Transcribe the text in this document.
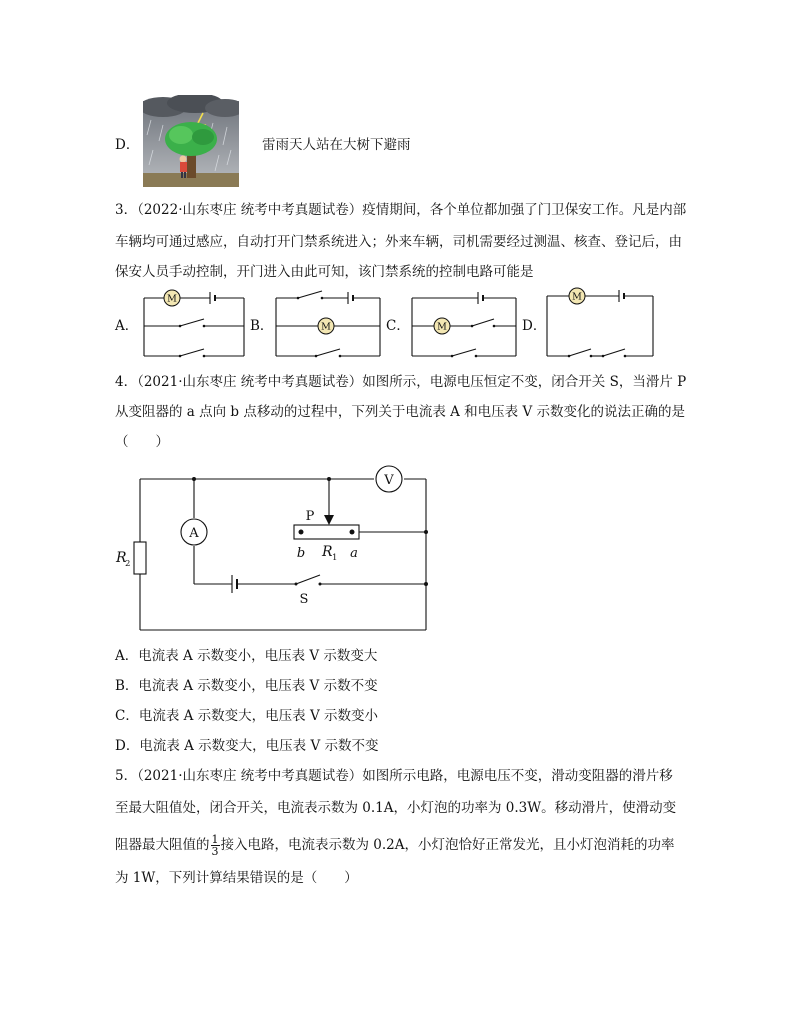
D．	雷雨天人站在大树下避雨
3．（2022·山东枣庄 统考中考真题试卷）疫情期间，各个单位都加强了门卫保安工作。凡是内部
车辆均可通过感应，自动打开门禁系统进入；外来车辆，司机需要经过测温、核查、登记后，由
保安人员手动控制，开门进入由此可知，该门禁系统的控制电路可能是
A．
M
B．	M	C．	M	D．
M
4．（2021·山东枣庄 统考中考真题试卷）如图所示，电源电压恒定不变，闭合开关 S，当滑片 P
从变阻器的 a 点向 b 点移动的过程中，下列关于电流表 A 和电压表 V 示数变化的说法正确的是
（　　）
A
V
P
b	a
R 1
R
2
S
A．电流表 A 示数变小，电压表 V 示数变大
B．电流表 A 示数变小，电压表 V 示数不变
C．电流表 A 示数变大，电压表 V 示数变小
D．电流表 A 示数变大，电压表 V 示数不变
5．（2021·山东枣庄 统考中考真题试卷）如图所示电路，电源电压不变，滑动变阻器的滑片移
至最大阻值处，闭合开关，电流表示数为 0.1A，小灯泡的功率为 0.3W。移动滑片，使滑动变
阻器最大阻值的 $\frac{1}{3}$ 接入电路，电流表示数为 0.2A，小灯泡恰好正常发光，且小灯泡消耗的功率
为 1W，下列计算结果错误的是（　　）
